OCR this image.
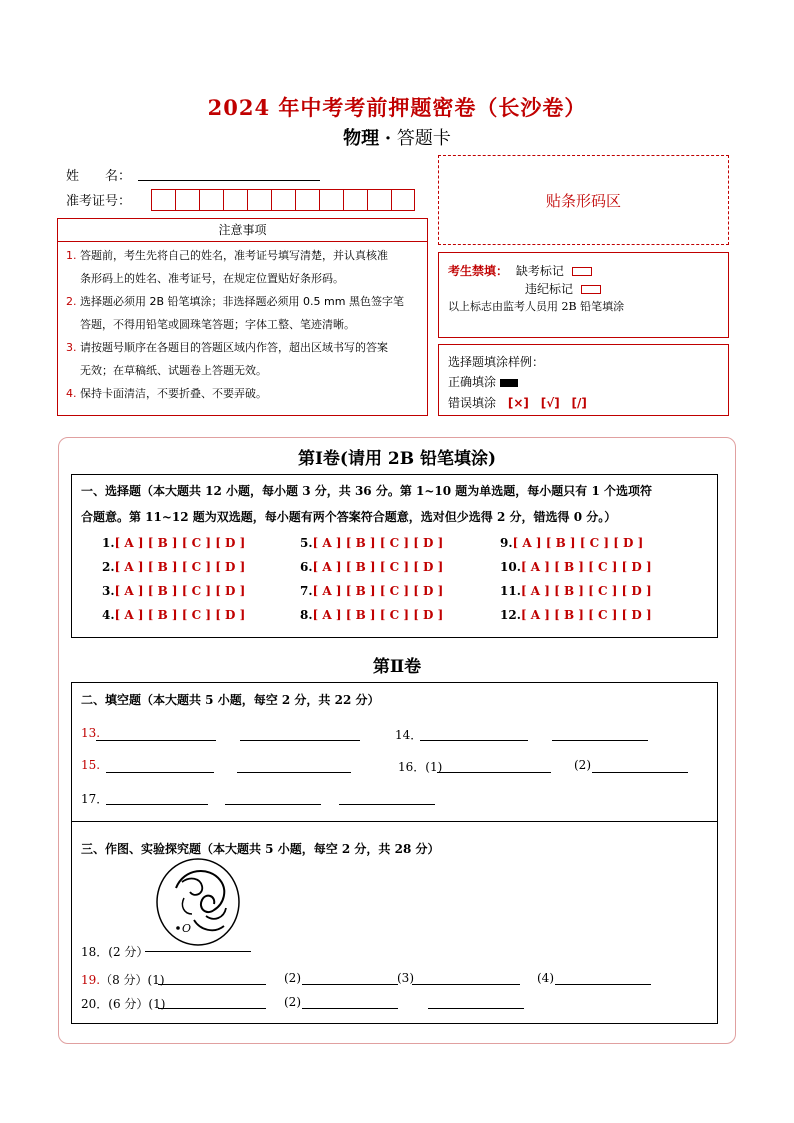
2024 年中考考前押题密卷（长沙卷）
物理 · 答题卡
姓　　名：
准考证号：	贴条形码区
注意事项
1. 答题前，考生先将自己的姓名，准考证号填写清楚，并认真核准
条形码上的姓名、准考证号，在规定位置贴好条形码。
2. 选择题必须用 2B 铅笔填涂；非选择题必须用 0.5 mm 黑色签字笔
答题，不得用铅笔或圆珠笔答题；字体工整、笔迹清晰。
3. 请按题号顺序在各题目的答题区域内作答，超出区域书写的答案
无效；在草稿纸、试题卷上答题无效。
4. 保持卡面清洁，不要折叠、不要弄破。
考生禁填： 缺考标记
违纪标记
以上标志由监考人员用 2B 铅笔填涂
选择题填涂样例：
正确填涂
错误填涂 [×] [√] [/]
第Ⅰ卷(请用 2B 铅笔填涂)
一、选择题（本大题共 12 小题，每小题 3 分，共 36 分。第 1~10 题为单选题，每小题只有 1 个选项符
合题意。第 11~12 题为双选题，每小题有两个答案符合题意，选对但少选得 2 分，错选得 0 分。）
1.[ A ] [ B ] [ C ] [ D ]
2.[ A ] [ B ] [ C ] [ D ]
3.[ A ] [ B ] [ C ] [ D ]
4.[ A ] [ B ] [ C ] [ D ]
5.[ A ] [ B ] [ C ] [ D ]
6.[ A ] [ B ] [ C ] [ D ]
7.[ A ] [ B ] [ C ] [ D ]
8.[ A ] [ B ] [ C ] [ D ]
9.[ A ] [ B ] [ C ] [ D ]
10.[ A ] [ B ] [ C ] [ D ]
11.[ A ] [ B ] [ C ] [ D ]
12.[ A ] [ B ] [ C ] [ D ]
第Ⅱ卷
二、填空题（本大题共 5 小题，每空 2 分，共 22 分）
13.	14．
15.	16．(1)	(2)
17．
三、作图、实验探究题（本大题共 5 小题，每空 2 分，共 28 分）
O
18．(2 分）
19.（8 分）(1)	(2)	(3)	(4)
20．(6 分）(1)	(2)
